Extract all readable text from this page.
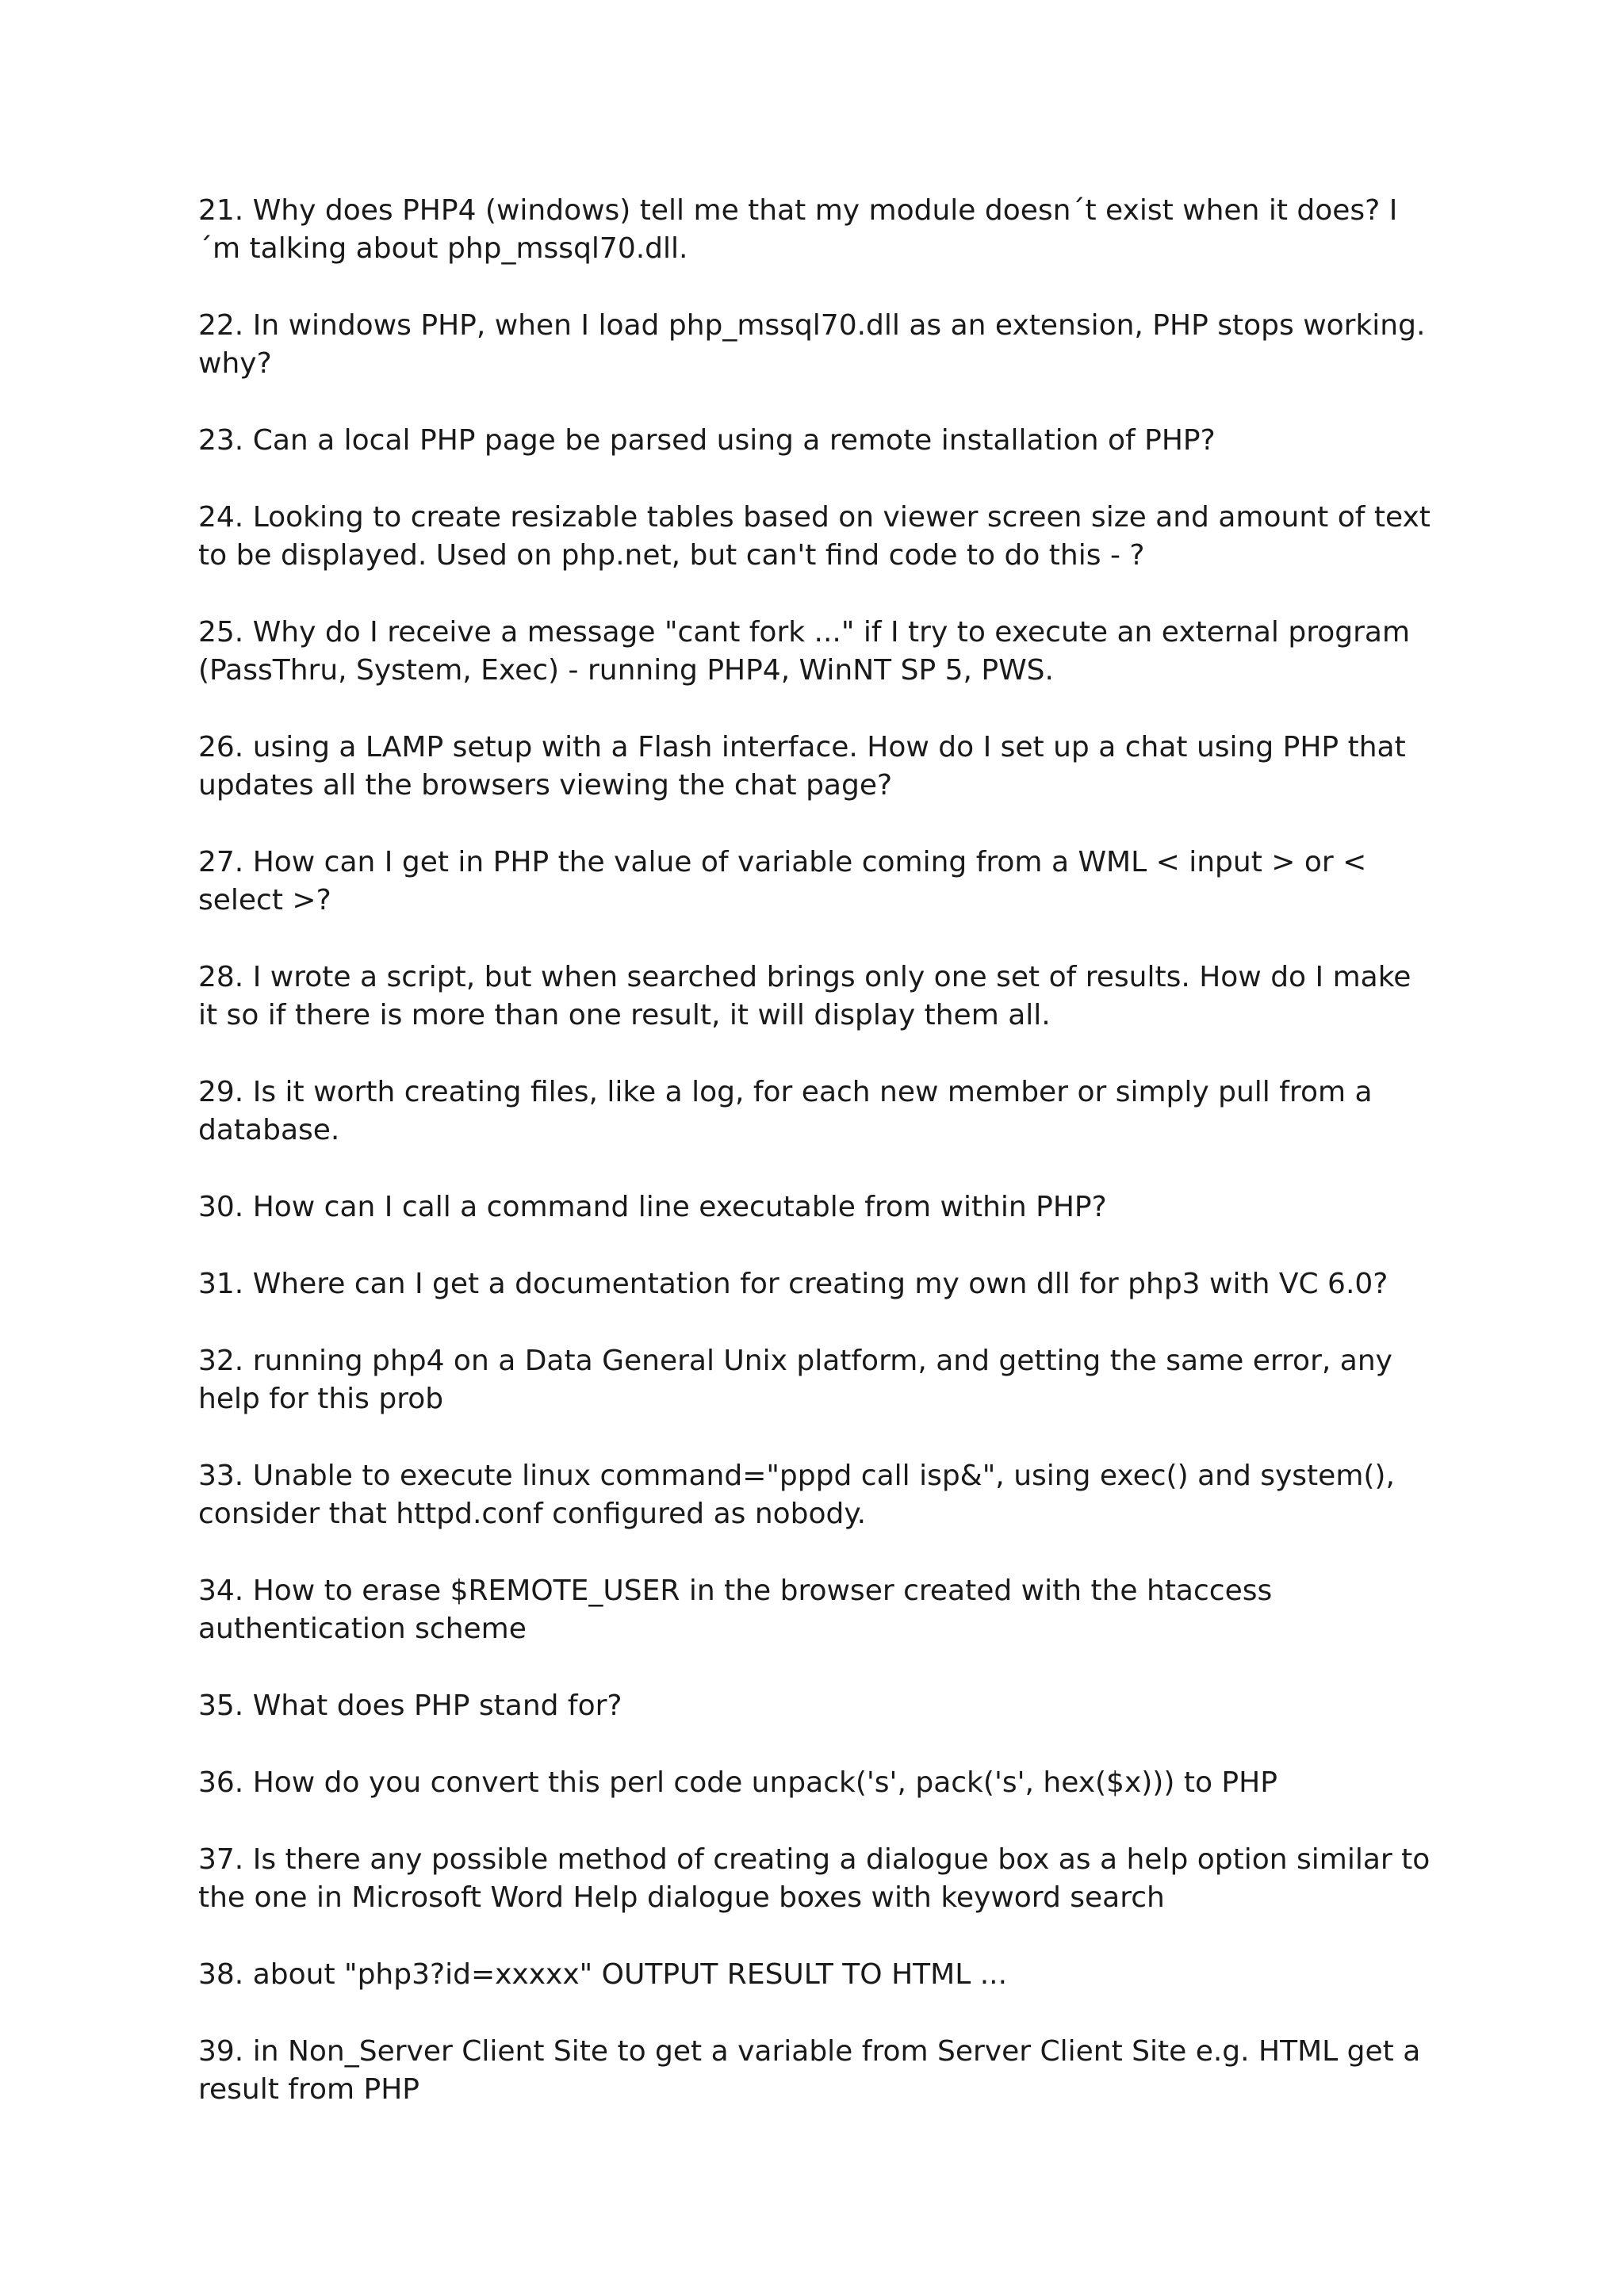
21. Why does PHP4 (windows) tell me that my module doesn´t exist when it does? I´m talking about php_mssql70.dll.
22. In windows PHP, when I load php_mssql70.dll as an extension, PHP stops working. why?
23. Can a local PHP page be parsed using a remote installation of PHP?
24. Looking to create resizable tables based on viewer screen size and amount of text to be displayed. Used on php.net, but can't find code to do this - ?
25. Why do I receive a message "cant fork ..." if I try to execute an external program (PassThru, System, Exec) - running PHP4, WinNT SP 5, PWS.
26. using a LAMP setup with a Flash interface. How do I set up a chat using PHP that updates all the browsers viewing the chat page?
27. How can I get in PHP the value of variable coming from a WML < input > or < select >?
28. I wrote a script, but when searched brings only one set of results. How do I make it so if there is more than one result, it will display them all.
29. Is it worth creating files, like a log, for each new member or simply pull from a database.
30. How can I call a command line executable from within PHP?
31. Where can I get a documentation for creating my own dll for php3 with VC 6.0?
32. running php4 on a Data General Unix platform, and getting the same error, any help for this prob
33. Unable to execute linux command="pppd call isp&", using exec() and system(), consider that httpd.conf configured as nobody.
34. How to erase $REMOTE_USER in the browser created with the htaccess authentication scheme
35. What does PHP stand for?
36. How do you convert this perl code unpack('s', pack('s', hex($x))) to PHP
37. Is there any possible method of creating a dialogue box as a help option similar to the one in Microsoft Word Help dialogue boxes with keyword search
38. about "php3?id=xxxxx" OUTPUT RESULT TO HTML ...
39. in Non_Server Client Site to get a variable from Server Client Site e.g. HTML get a result from PHP
